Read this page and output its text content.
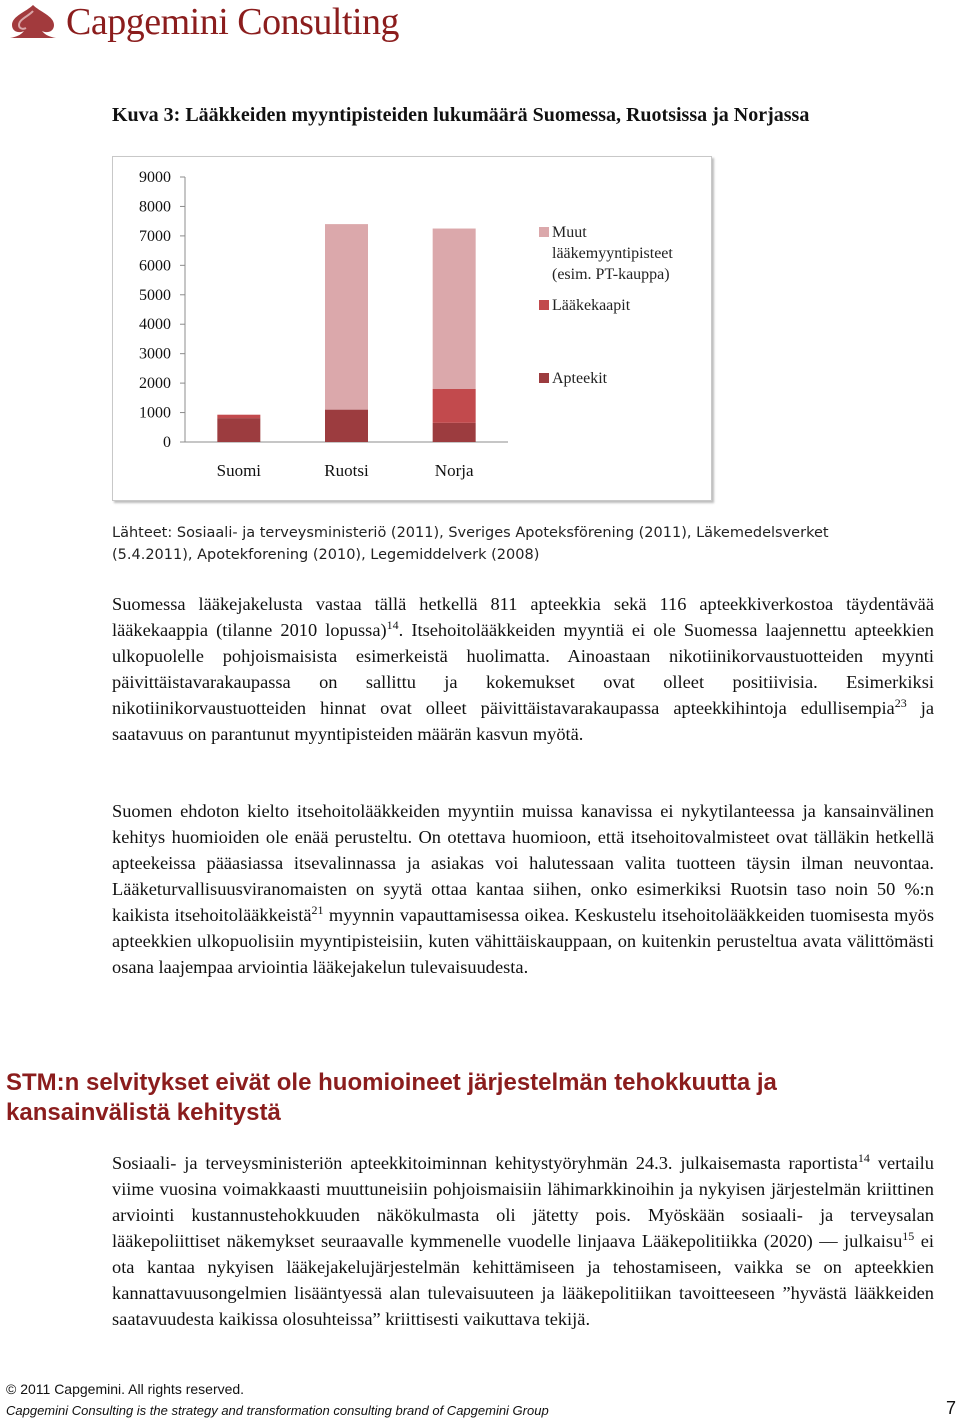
Capgemini Consulting
Kuva 3: Lääkkeiden myyntipisteiden lukumäärä Suomessa, Ruotsissa ja Norjassa
9000
8000
7000
6000
5000
4000
3000
2000
1000
0
Suomi	Ruotsi	Norja
Muut
lääkemyyntipisteet
(esim. PT-kauppa)
Lääkekaapit
Apteekit
Lähteet: Sosiaali- ja terveysministeriö (2011), Sveriges Apoteksförening (2011), Läkemedelsverket (5.4.2011), Apotekforening (2010), Legemiddelverk (2008)
Suomessa lääkejakelusta vastaa tällä hetkellä 811 apteekkia sekä 116 apteekkiverkostoa täydentävää lääkekaappia (tilanne 2010 lopussa)$^{14}$. Itsehoitolääkkeiden myyntiä ei ole Suomessa laajennettu apteekkien ulkopuolelle pohjoismaisista esimerkeistä huolimatta. Ainoastaan nikotiinikorvaustuotteiden myynti päivittäistavarakaupassa on sallittu ja kokemukset ovat olleet positiivisia. Esimerkiksi nikotiinikorvaustuotteiden hinnat ovat olleet päivittäistavarakaupassa apteekkihintoja edullisempia$^{23}$ ja saatavuus on parantunut myyntipisteiden määrän kasvun myötä.
Suomen ehdoton kielto itsehoitolääkkeiden myyntiin muissa kanavissa ei nykytilanteessa ja kansainvälinen kehitys huomioiden ole enää perusteltu. On otettava huomioon, että itsehoitovalmisteet ovat tälläkin hetkellä apteekeissa pääasiassa itsevalinnassa ja asiakas voi halutessaan valita tuotteen täysin ilman neuvontaa. Lääketurvallisuusviranomaisten on syytä ottaa kantaa siihen, onko esimerkiksi Ruotsin taso noin 50 %:n kaikista itsehoitolääkkeistä$^{21}$ myynnin vapauttamisessa oikea. Keskustelu itsehoitolääkkeiden tuomisesta myös apteekkien ulkopuolisiin myyntipisteisiin, kuten vähittäiskauppaan, on kuitenkin perusteltua avata välittömästi osana laajempaa arviointia lääkejakelun tulevaisuudesta.
STM:n selvitykset eivät ole huomioineet järjestelmän tehokkuutta ja kansainvälistä kehitystä
Sosiaali- ja terveysministeriön apteekkitoiminnan kehitystyöryhmän 24.3. julkaisemasta raportista$^{14}$ vertailu viime vuosina voimakkaasti muuttuneisiin pohjoismaisiin lähimarkkinoihin ja nykyisen järjestelmän kriittinen arviointi kustannustehokkuuden näkökulmasta oli jätetty pois. Myöskään sosiaali- ja terveysalan lääkepoliittiset näkemykset seuraavalle kymmenelle vuodelle linjaava Lääkepolitiikka (2020) — julkaisu$^{15}$ ei ota kantaa nykyisen lääkejakelujärjestelmän kehittämiseen ja tehostamiseen, vaikka se on apteekkien kannattavuusongelmien lisääntyessä alan tulevaisuuteen ja lääkepolitiikan tavoitteeseen ”hyvästä lääkkeiden saatavuudesta kaikissa olosuhteissa” kriittisesti vaikuttava tekijä.
© 2011 Capgemini. All rights reserved.
Capgemini Consulting is the strategy and transformation consulting brand of Capgemini Group	7
